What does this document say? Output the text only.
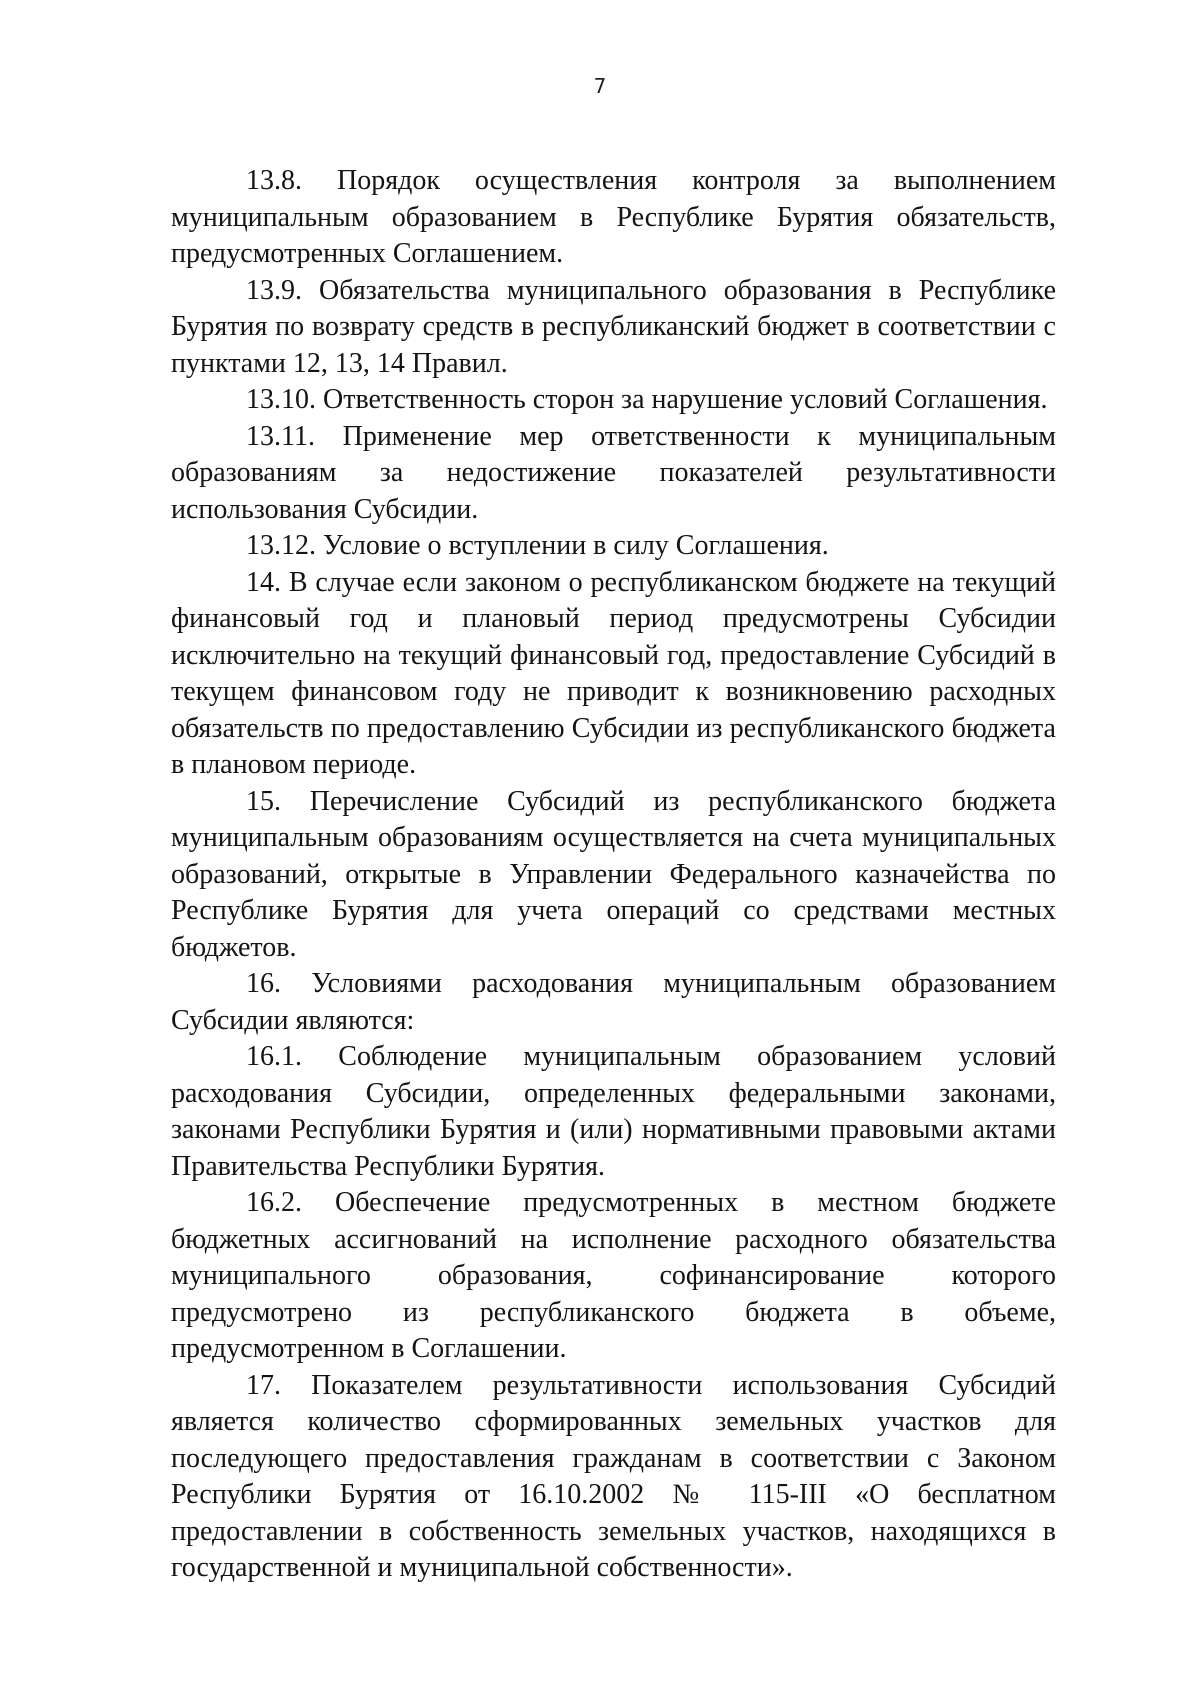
7

13.8. Порядок осуществления контроля за выполнением муниципальным образованием в Республике Бурятия обязательств, предусмотренных Соглашением.

13.9. Обязательства муниципального образования в Республике Бурятия по возврату средств в республиканский бюджет в соответствии с пунктами 12, 13, 14 Правил.

13.10. Ответственность сторон за нарушение условий Соглашения.

13.11. Применение мер ответственности к муниципальным образованиям за недостижение показателей результативности использования Субсидии.

13.12. Условие о вступлении в силу Соглашения.

14. В случае если законом о республиканском бюджете на текущий финансовый год и плановый период предусмотрены Субсидии исключительно на текущий финансовый год, предоставление Субсидий в текущем финансовом году не приводит к возникновению расходных обязательств по предоставлению Субсидии из республиканского бюджета в плановом периоде.

15. Перечисление Субсидий из республиканского бюджета муниципальным образованиям осуществляется на счета муниципальных образований, открытые в Управлении Федерального казначейства по Республике Бурятия для учета операций со средствами местных бюджетов.

16. Условиями расходования муниципальным образованием Субсидии являются:

16.1. Соблюдение муниципальным образованием условий расходования Субсидии, определенных федеральными законами, законами Республики Бурятия и (или) нормативными правовыми актами Правительства Республики Бурятия.

16.2. Обеспечение предусмотренных в местном бюджете бюджетных ассигнований на исполнение расходного обязательства муниципального образования, софинансирование которого предусмотрено из республиканского бюджета в объеме, предусмотренном в Соглашении.

17. Показателем результативности использования Субсидий является количество сформированных земельных участков для последующего предоставления гражданам в соответствии с Законом Республики Бурятия от 16.10.2002 № 115-III «О бесплатном предоставлении в собственность земельных участков, находящихся в государственной и муниципальной собственности».
